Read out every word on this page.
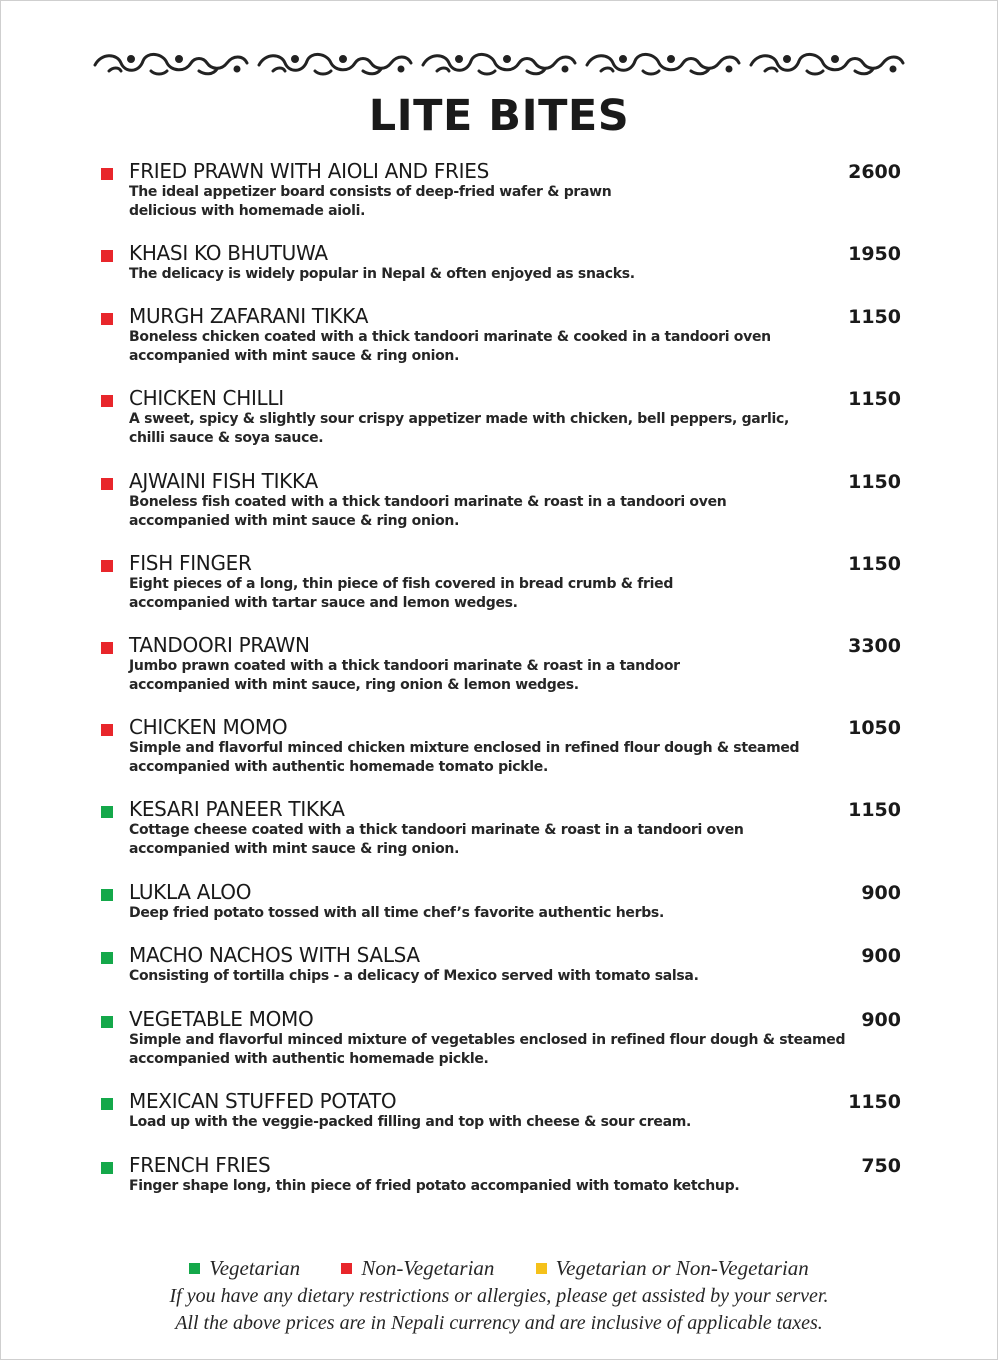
LITE BITES
FRIED PRAWN WITH AIOLI AND FRIES	2600
The ideal appetizer board consists of deep-fried wafer & prawn
delicious with homemade aioli.
KHASI KO BHUTUWA	1950
The delicacy is widely popular in Nepal & often enjoyed as snacks.
MURGH ZAFARANI TIKKA	1150
Boneless chicken coated with a thick tandoori marinate & cooked in a tandoori oven
accompanied with mint sauce & ring onion.
CHICKEN CHILLI	1150
A sweet, spicy & slightly sour crispy appetizer made with chicken, bell peppers, garlic,
chilli sauce & soya sauce.
AJWAINI FISH TIKKA	1150
Boneless fish coated with a thick tandoori marinate & roast in a tandoori oven
accompanied with mint sauce & ring onion.
FISH FINGER	1150
Eight pieces of a long, thin piece of fish covered in bread crumb & fried
accompanied with tartar sauce and lemon wedges.
TANDOORI PRAWN	3300
Jumbo prawn coated with a thick tandoori marinate & roast in a tandoor
accompanied with mint sauce, ring onion & lemon wedges.
CHICKEN MOMO	1050
Simple and flavorful minced chicken mixture enclosed in refined flour dough & steamed
accompanied with authentic homemade tomato pickle.
KESARI PANEER TIKKA	1150
Cottage cheese coated with a thick tandoori marinate & roast in a tandoori oven
accompanied with mint sauce & ring onion.
LUKLA ALOO	900
Deep fried potato tossed with all time chef’s favorite authentic herbs.
MACHO NACHOS WITH SALSA	900
Consisting of tortilla chips - a delicacy of Mexico served with tomato salsa.
VEGETABLE MOMO	900
Simple and flavorful minced mixture of vegetables enclosed in refined flour dough & steamed
accompanied with authentic homemade pickle.
MEXICAN STUFFED POTATO	1150
Load up with the veggie-packed filling and top with cheese & sour cream.
FRENCH FRIES	750
Finger shape long, thin piece of fried potato accompanied with tomato ketchup.
Vegetarian	Non-Vegetarian	Vegetarian or Non-Vegetarian
If you have any dietary restrictions or allergies, please get assisted by your server.
All the above prices are in Nepali currency and are inclusive of applicable taxes.
